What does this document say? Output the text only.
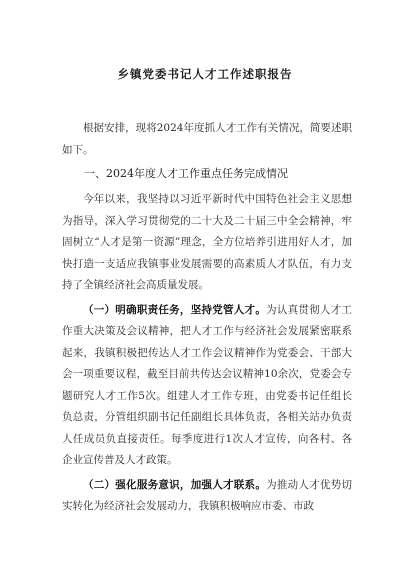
乡镇党委书记人才工作述职报告

根据安排，现将2024年度抓人才工作有关情况，简要述职如下。

一、2024年度人才工作重点任务完成情况

今年以来，我坚持以习近平新时代中国特色社会主义思想为指导，深入学习贯彻党的二十大及二十届三中全会精神，牢固树立“人才是第一资源”理念，全方位培养引进用好人才，加快打造一支适应我镇事业发展需要的高素质人才队伍，有力支持了全镇经济社会高质量发展。

（一）明确职责任务，坚持党管人才。为认真贯彻人才工作重大决策及会议精神，把人才工作与经济社会发展紧密联系起来，我镇积极把传达人才工作会议精神作为党委会、干部大会一项重要议程，截至目前共传达会议精神10余次，党委会专题研究人才工作5次。组建人才工作专班，由党委书记任组长负总责，分管组织副书记任副组长具体负责，各相关站办负责人任成员负直接责任。每季度进行1次人才宣传，向各村、各企业宣传普及人才政策。

（二）强化服务意识，加强人才联系。为推动人才优势切实转化为经济社会发展动力，我镇积极响应市委、市政
